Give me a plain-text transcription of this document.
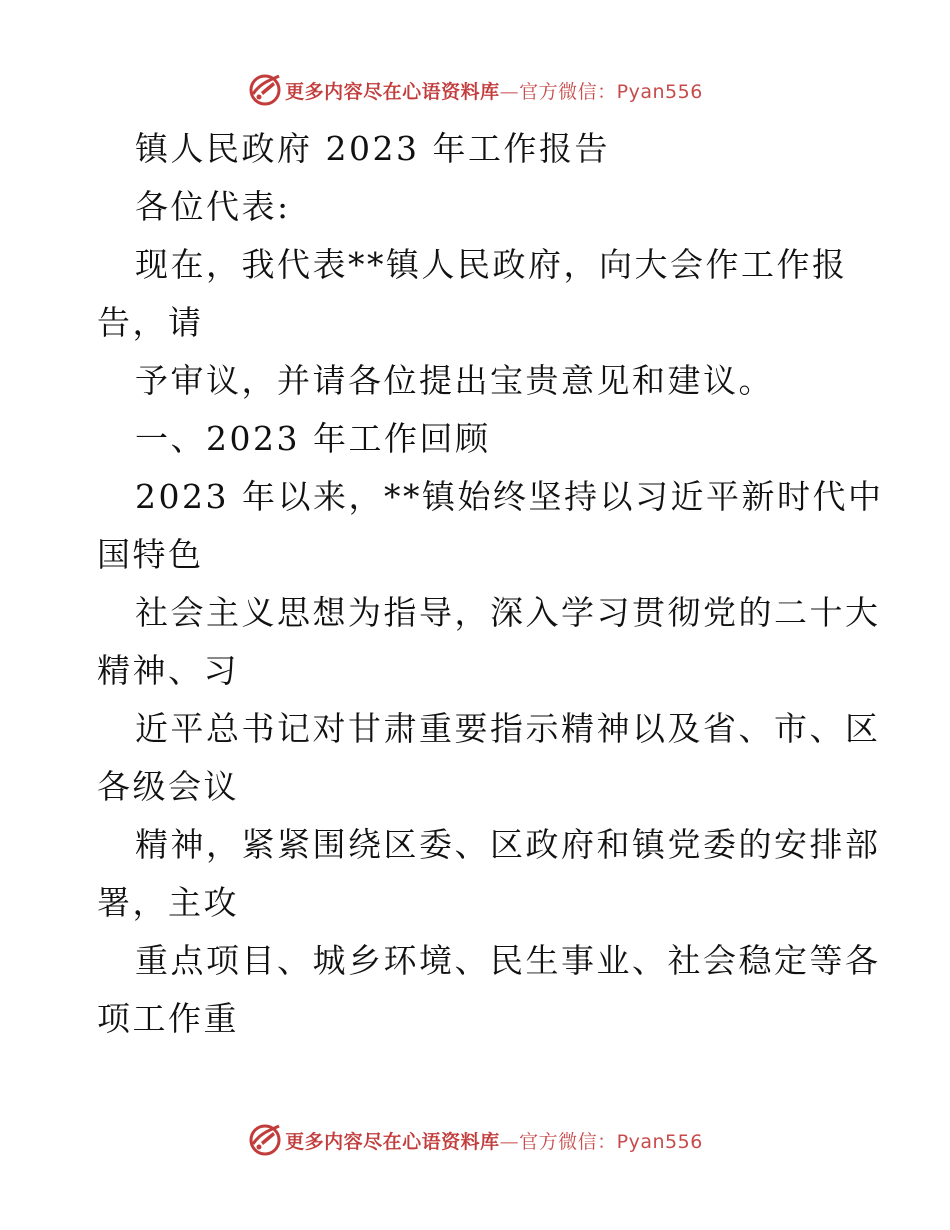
更多内容尽在心语资料库—官方微信：Pyan556
镇人民政府 2023 年工作报告
各位代表:
现在，我代表**镇人民政府，向大会作工作报
告，请
予审议，并请各位提出宝贵意见和建议。
一、2023 年工作回顾
2023 年以来，**镇始终坚持以习近平新时代中
国特色
社会主义思想为指导，深入学习贯彻党的二十大
精神、习
近平总书记对甘肃重要指示精神以及省、市、区
各级会议
精神，紧紧围绕区委、区政府和镇党委的安排部
署，主攻
重点项目、城乡环境、民生事业、社会稳定等各
项工作重
更多内容尽在心语资料库—官方微信：Pyan556
